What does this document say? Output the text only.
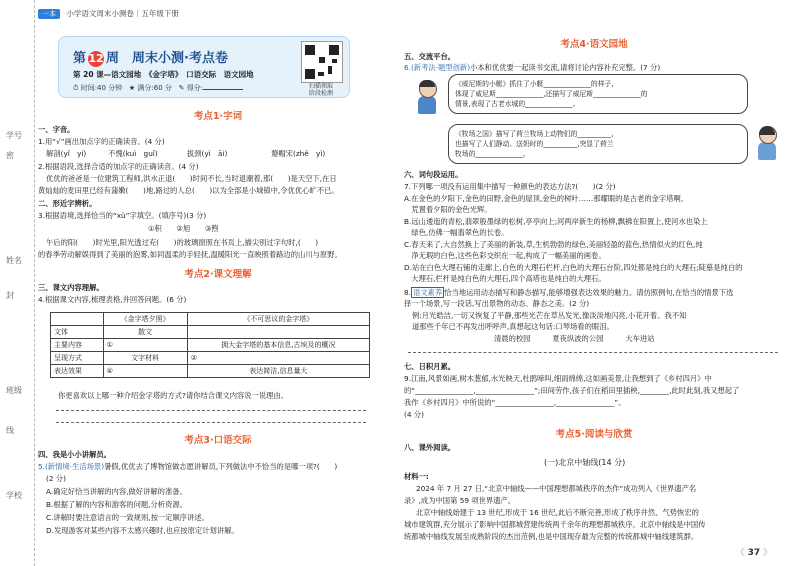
学号
密
姓名
封
班级
线
学校
一本 小学语文周末小测卷｜五年级下册
第 12 周　周末小测·考点卷
第 20 课—语文园地　《金字塔》　口语交际　语文园地
⏱ 时间:40 分钟 ★ 满分:60 分 ✎ 得分:	扫描领取
阶段检测
考点1·字词
一、字音。
1.用“√”画出加点字的正确读音。(4 分)
解剖(yǐ　yí)　　　不愧(kuì　guǐ)　　　　拔颈(yì　āi)　　　　　　嫠帽宋(zhě　yì)
2.根据语段,选择合适的加点字的正确读音。(4 分)
优优的爸爸是一位建筑工程师,洪水正退(　　)时间不长,当时退潮着,那(　　)是天空下,在日
黄灿灿的麦田里已经有蒲嫩(　　)地,路过的人总(　　)以为全部是小城镇中,令优优心旷不已。
二、形近字辨析。
3.根据语境,选择恰当的“xù”字填空。(填序号)(3 分)
①积　　②旭　　③煦
午后的阳(　　)时光里,阳光透过充(　　)的玻璃窗照在书页上,描尖别过字句时,(　　)
的春季劳动解娱得到了美丽的泡雾,如同温柔的手轻抚,温暖阳光一直映照着路边的山川与原野。
考点2·课文理解
三、课文内容理解。
4.根据课文内容,梳理表格,并回答问题。(6 分)
	《金字塔夕照》	《不可思议的金字塔》
文体	散文	
主要内容	①	拥大金字塔的基本信息,古埃及的概况
呈现方式	文字材料	②
表达效果	④	表达简洁,信息量大
你更喜欢以上哪一种介绍金字塔的方式?请你结合课文内容说一说理由。
考点3·口语交际
四、我是小小讲解员。
5.(新情境·生活场景)暑假,优优去了博物馆做志愿讲解员,下列做法中不恰当的是哪一项?(　　)
(2 分)
A.确定好恰当讲解的内容,做好讲解的准备。
B.根据了解的内容和游客的问题,分析资源。
C.讲解时要注意语言的一致规则,按一定顺序讲述。
D.发现游客对某些内容不太感兴趣时,也应按原定计划讲解。
考点4·语文园地
五、交流平台。
6.(新考法·题型创新)小本和优优要一起读书交流,请将讨论内容补充完整。(7 分)
《威尼斯的小艇》抓住了小艇______________的样子,
体现了威尼斯______________,还描写了威尼斯______________的
情景,表现了古老水城的______________。
《牧场之国》描写了荷兰牧场上动物们的__________,
也描写了人们静动、送奶时的__________,突显了荷兰
牧场的______________。
六、词句段运用。
7.下列哪一项没有运用集中描写一种颜色的表达方法?(　　)(2 分)
A.在金色的夕阳下,金色的田野,金色的屋顶,金色的树叶……那耀眼的是古老的金字塔啊,
　荒置着夕阳的金色光辉。
B.远山逶迤的青松,翡翠般墨绿的松树,亭亭向上;河两岸新生的杨柳,飘拂在阳置上,使河水也染上
　绿色,仿佛一幅翡翠色的长卷。
C.春天来了,大自然换上了美丽的新装,草,生机勃勃的绿色,美丽轻盈的蓝色,热情似火的红色,纯
　净无瑕的白色,这些色彩交织在一起,构成了一幅美丽的画卷。
D.站在白色大理石铺的走廊上,白色的大理石栏杆,白色的大理石台阶,四处都是纯白的大理石;陡墓是纯白的
　大理石,栏杆是纯白色的大理石,四个高塔也是纯白的大理石。
8. 语文素养 恰当地运用动态描写和静态描写,能够增强表达效果的魅力。请仿照例句,在恰当的情景下选
择一个场景,写一段话,写出景物的动态、静态之美。(2 分)
例:月光皓洁,一切又恢复了平静,那些光芒在草丛发光,像淡淡地闪亮,小花开着。我不知
道那些千年已不再发出呼呼声,真想起这句话:口琴场看的眼泪。
清晨的校园　　　夏夜纵波的公园　　　大车进站
七、日积月累。
9.江南,风景如画,树木葱郁,水光映天,杜鹃啼叫,细雨绵绵,这如画美景,让我想到了《乡村四月》中
的“________________,________________”;田间劳作,孩子们在稻田里插秧,________,此时此刻,我又想起了
我作《乡村四月》中所说的“________________,________________”。
(4 分)
考点5·阅读与欣赏
八、课外阅读。
(一)北京中轴线(14 分)
材料一:
2024 年 7 月 27 日,“北京中轴线——中国理想都城秩序的杰作”成功列入《世界遗产名
录》,成为中国第 59 项世界遗产。
北京中轴线始建于 13 世纪,形成于 16 世纪,此后不断完善,形成了秩序井然、气势恢宏的
城市建筑群,充分展示了影响中国都城营建传统两千余年的理想都城秩序。北京中轴线是中国传
统都城中轴线发展至成熟阶段的杰出范例,也是中国现存最为完整的传统都城中轴线建筑群。
《 37 》
